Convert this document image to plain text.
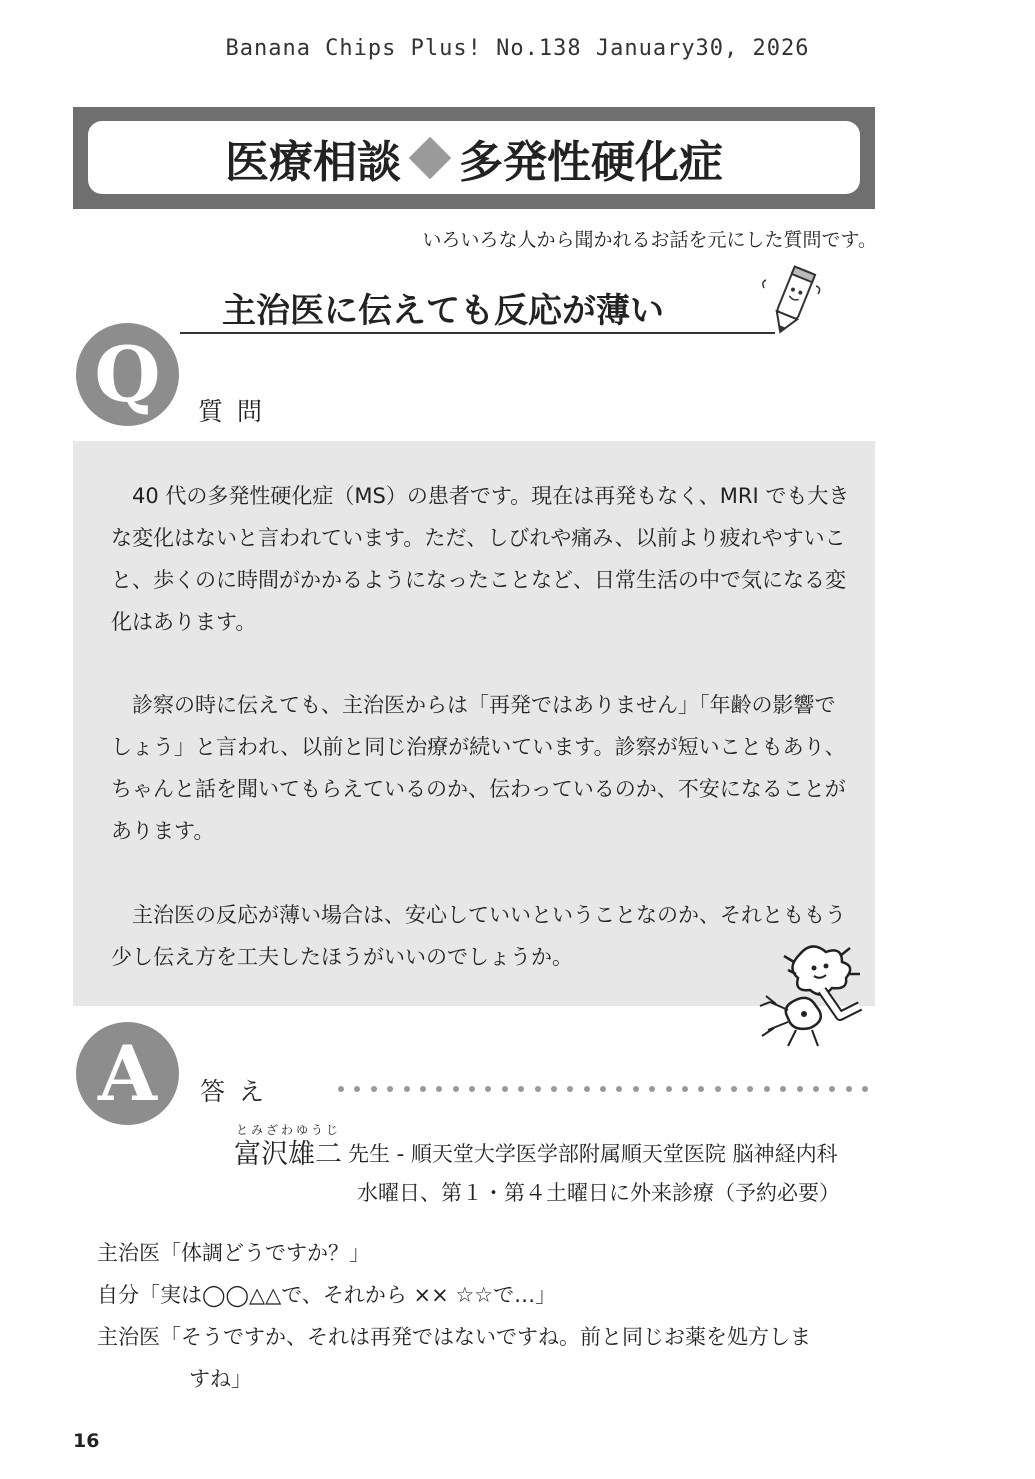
Banana Chips Plus! No.138 January30, 2026
医療相談 多発性硬化症
いろいろな人から聞かれるお話を元にした質問です。
主治医に伝えても反応が薄い
Q	質問

40 代の多発性硬化症（MS）の患者です。現在は再発もなく、MRI でも大きな変化はないと言われています。ただ、しびれや痛み、以前より疲れやすいこと、歩くのに時間がかかるようになったことなど、日常生活の中で気になる変化はあります。

診察の時に伝えても、主治医からは「再発ではありません」「年齢の影響でしょう」と言われ、以前と同じ治療が続いています。診察が短いこともあり、ちゃんと話を聞いてもらえているのか、伝わっているのか、不安になることがあります。

主治医の反応が薄い場合は、安心していいということなのか、それとももう少し伝え方を工夫したほうがいいのでしょうか。

A	答え
とみざわゆうじ
富沢雄二 先生 - 順天堂大学医学部附属順天堂医院 脳神経内科
水曜日、第１・第４土曜日に外来診療（予約必要）
主治医「体調どうですか？」
自分「実は◯◯△△で、それから ×× ☆☆で…」
主治医「そうですか、それは再発ではないですね。前と同じお薬を処方しま
すね」
16
